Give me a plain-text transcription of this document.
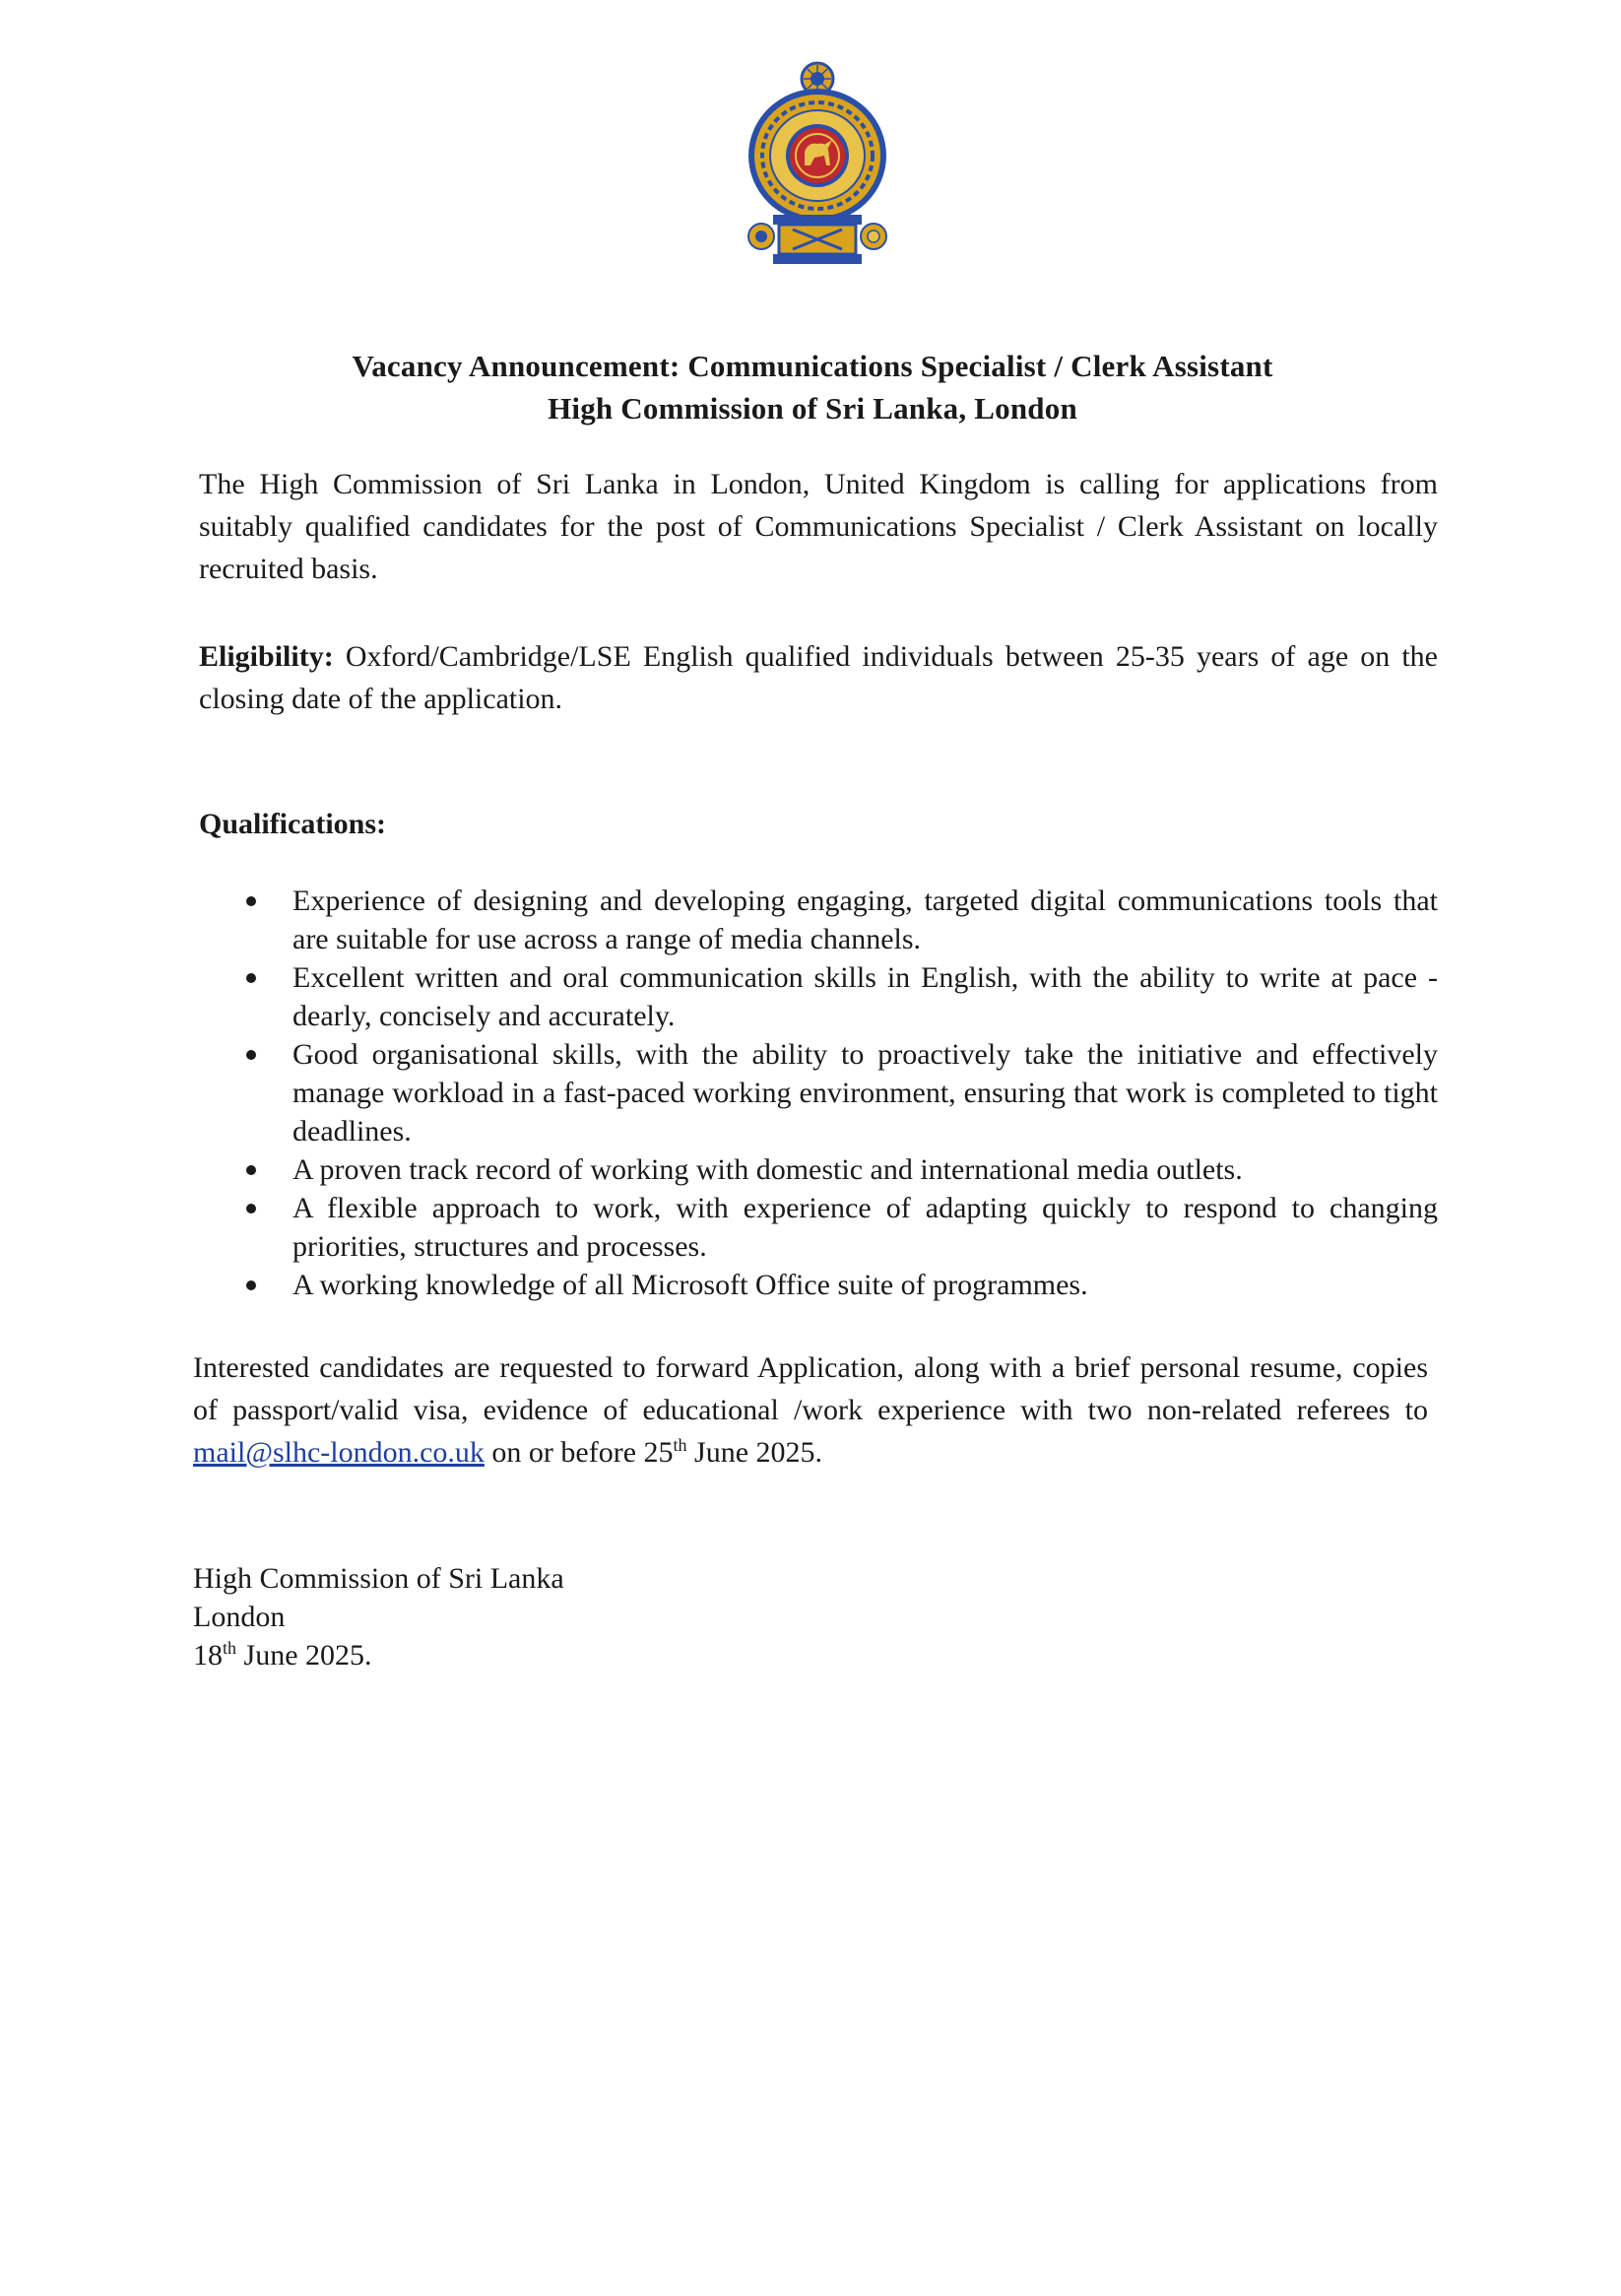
Vacancy Announcement: Communications Specialist / Clerk Assistant
High Commission of Sri Lanka, London
The High Commission of Sri Lanka in London, United Kingdom is calling for applications from suitably qualified candidates for the post of Communications Specialist / Clerk Assistant on locally recruited basis.
Eligibility: Oxford/Cambridge/LSE English qualified individuals between 25-35 years of age on the closing date of the application.
Qualifications:
Experience of designing and developing engaging, targeted digital communications tools that are suitable for use across a range of media channels.
Excellent written and oral communication skills in English, with the ability to write at pace - dearly, concisely and accurately.
Good organisational skills, with the ability to proactively take the initiative and effectively manage workload in a fast-paced working environment, ensuring that work is completed to tight deadlines.
A proven track record of working with domestic and international media outlets.
A flexible approach to work, with experience of adapting quickly to respond to changing priorities, structures and processes.
A working knowledge of all Microsoft Office suite of programmes.
Interested candidates are requested to forward Application, along with a brief personal resume, copies of passport/valid visa, evidence of educational /work experience with two non-related referees to mail@slhc-london.co.uk on or before 25th June 2025.
High Commission of Sri Lanka
London
18th June 2025.
